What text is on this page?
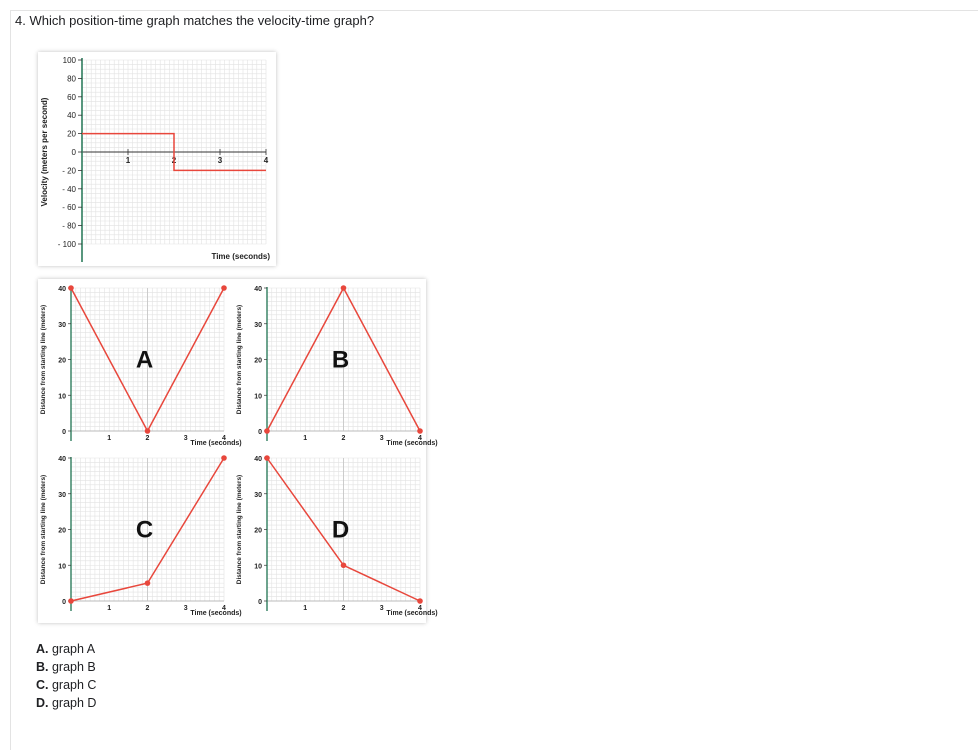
4. Which position-time graph matches the velocity-time graph?
100
80
60
40
20
0
- 20
- 40
- 60
- 80
- 100
1	2	3	4
Time (seconds)
Velocity (meters per second)
40
30
20
10
0
1	2	3	4
Time (seconds)
Distance from starting line (meters)	A
40
30
20
10
0
1	2	3	4
Time (seconds)
Distance from starting line (meters)	B
40
30
20
10
0
1	2	3	4
Time (seconds)
Distance from starting line (meters)	C
40
30
20
10
0
1	2	3	4
Time (seconds)
Distance from starting line (meters)	D
A. graph A
B. graph B
C. graph C
D. graph D
